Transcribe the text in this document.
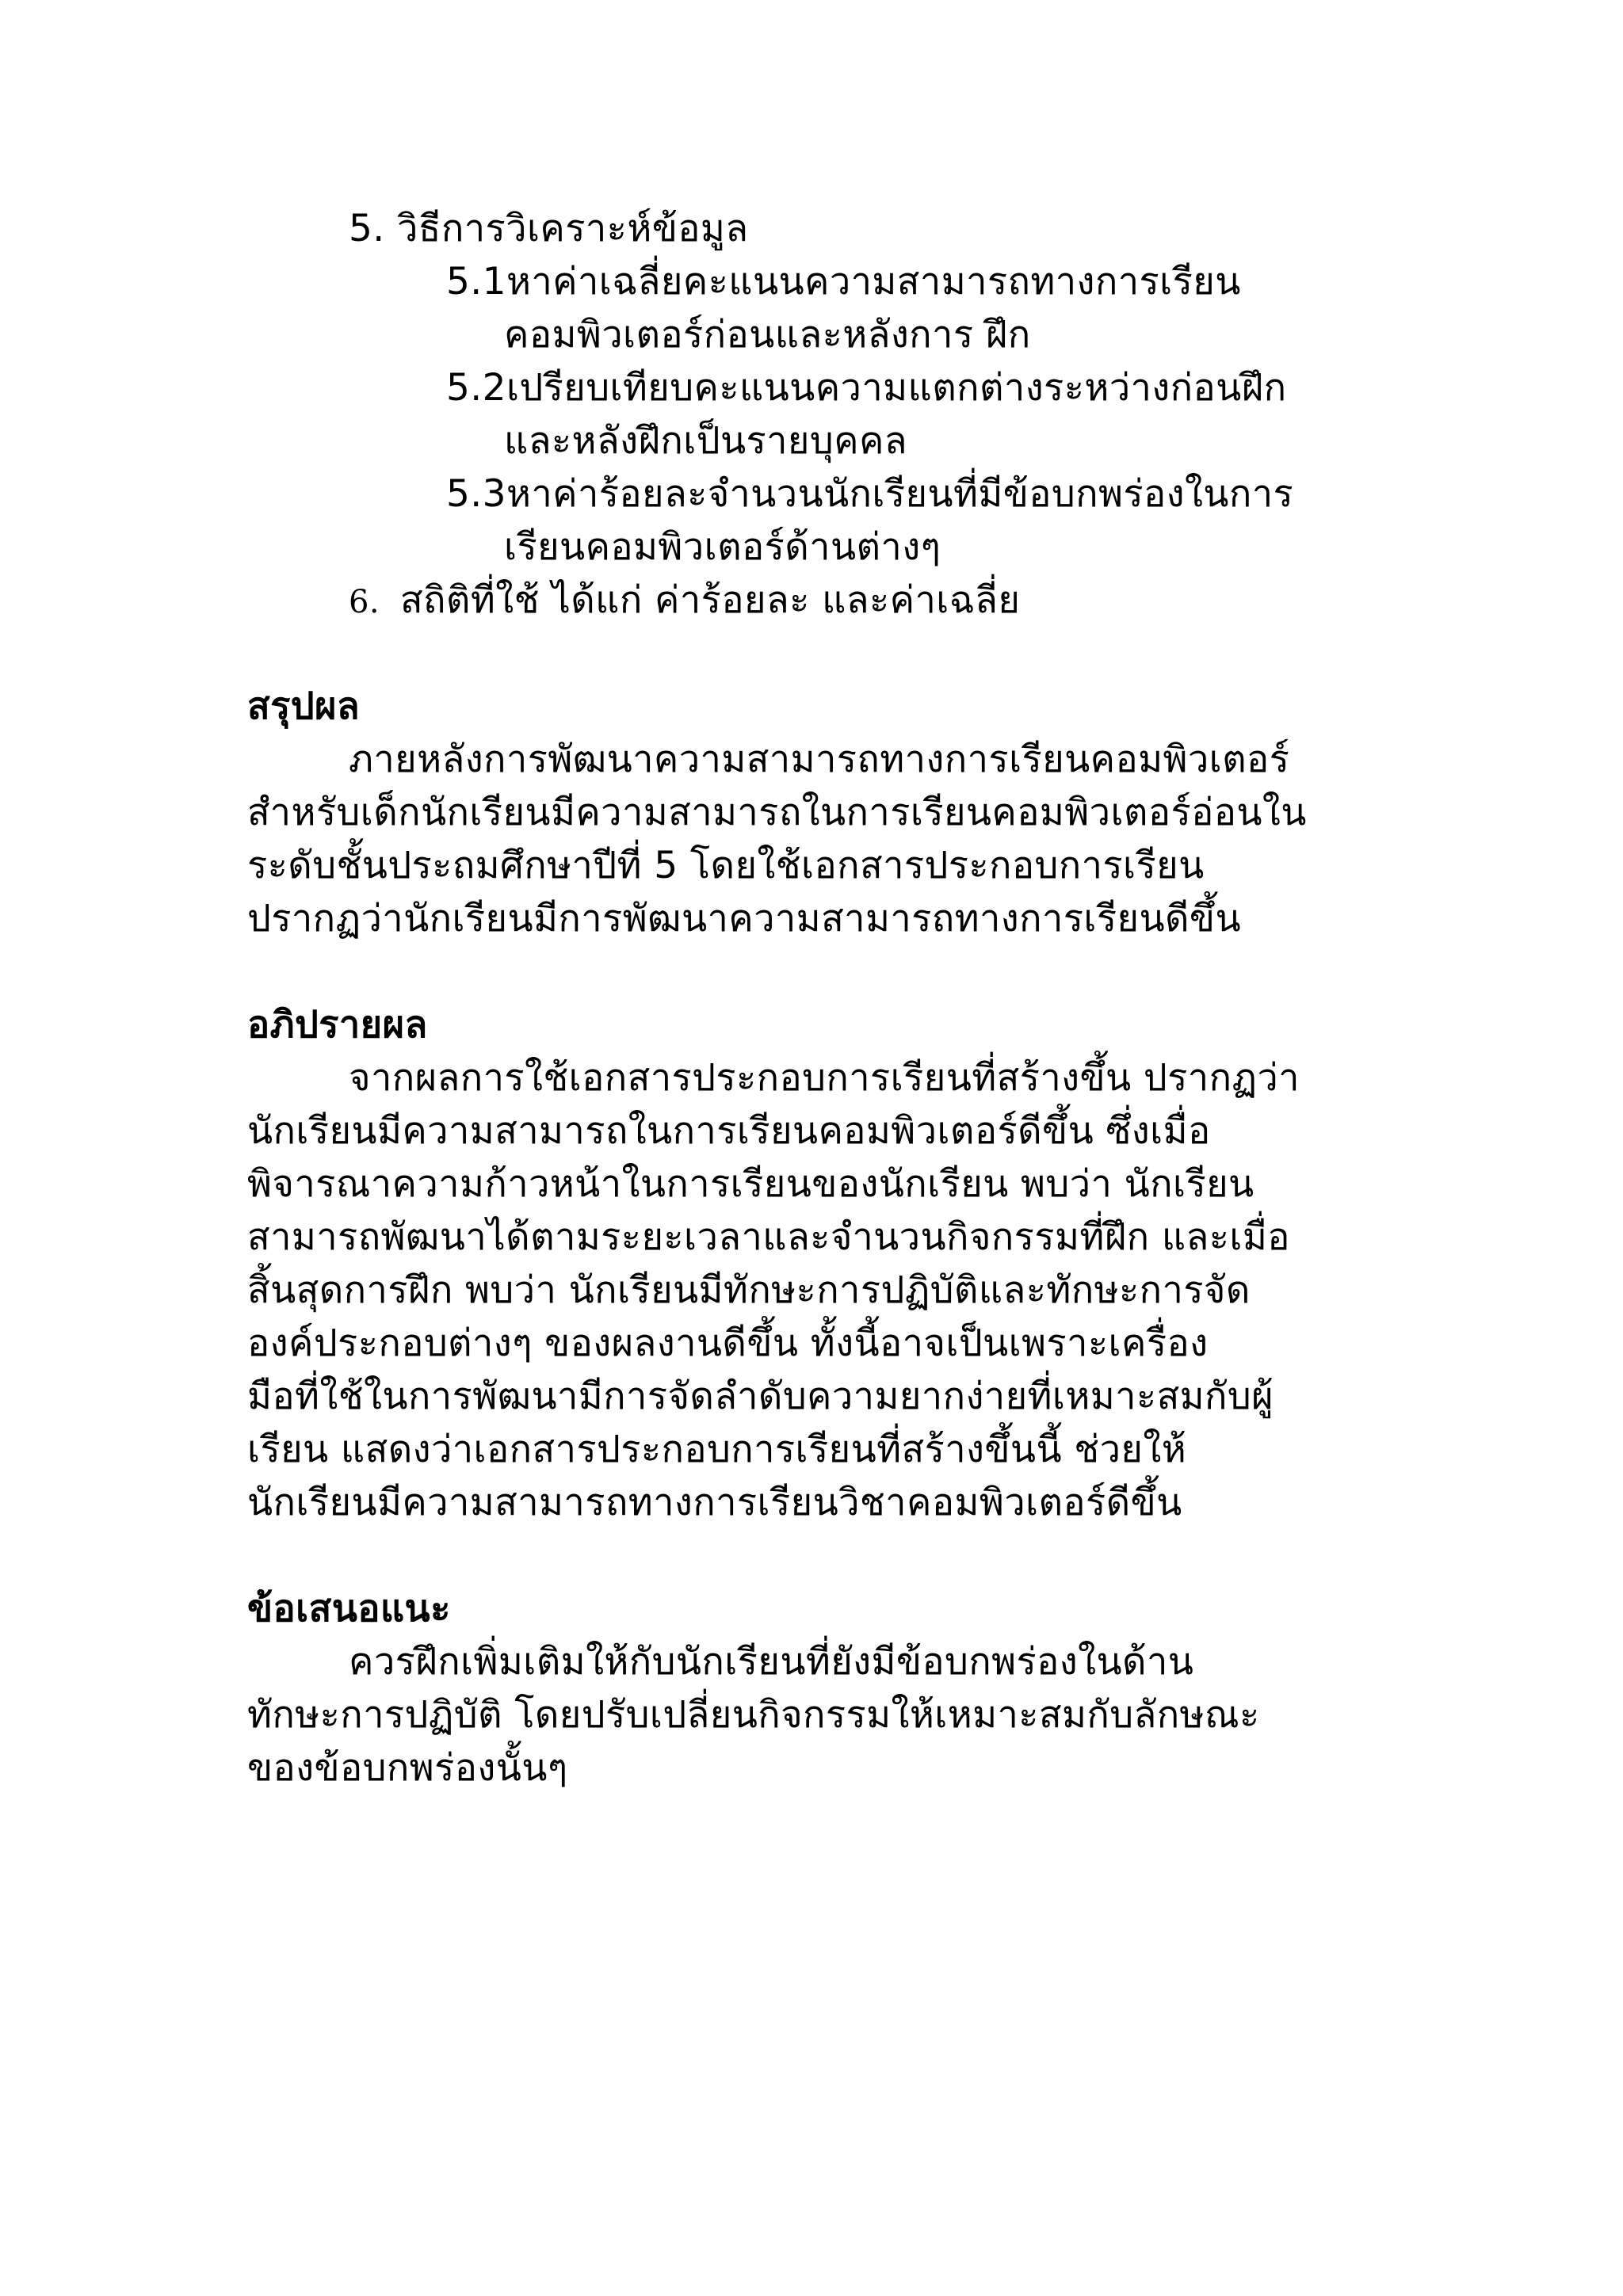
5. วิธีการวิเคราะห์ข้อมูล
5.1หาค่าเฉลี่ยคะแนนความสามารถทางการเรียน
คอมพิวเตอร์ก่อนและหลังการ ฝึก
5.2เปรียบเทียบคะแนนความแตกต่างระหว่างก่อนฝึก
และหลังฝึกเป็นรายบุคคล
5.3หาค่าร้อยละจำนวนนักเรียนที่มีข้อบกพร่องในการ
เรียนคอมพิวเตอร์ด้านต่างๆ
6. สถิติที่ใช้ ได้แก่ ค่าร้อยละ และค่าเฉลี่ย
สรุปผล
ภายหลังการพัฒนาความสามารถทางการเรียนคอมพิวเตอร์
สำหรับเด็กนักเรียนมีความสามารถในการเรียนคอมพิวเตอร์อ่อนใน
ระดับชั้นประถมศึกษาปีที่ 5 โดยใช้เอกสารประกอบการเรียน
ปรากฏว่านักเรียนมีการพัฒนาความสามารถทางการเรียนดีขึ้น
อภิปรายผล
จากผลการใช้เอกสารประกอบการเรียนที่สร้างขึ้น ปรากฏว่า
นักเรียนมีความสามารถในการเรียนคอมพิวเตอร์ดีขึ้น ซึ่งเมื่อ
พิจารณาความก้าวหน้าในการเรียนของนักเรียน พบว่า นักเรียน
สามารถพัฒนาได้ตามระยะเวลาและจำนวนกิจกรรมที่ฝึก และเมื่อ
สิ้นสุดการฝึก พบว่า นักเรียนมีทักษะการปฏิบัติและทักษะการจัด
องค์ประกอบต่างๆ ของผลงานดีขึ้น ทั้งนี้อาจเป็นเพราะเครื่อง
มือที่ใช้ในการพัฒนามีการจัดลำดับความยากง่ายที่เหมาะสมกับผู้
เรียน แสดงว่าเอกสารประกอบการเรียนที่สร้างขึ้นนี้ ช่วยให้
นักเรียนมีความสามารถทางการเรียนวิชาคอมพิวเตอร์ดีขึ้น
ข้อเสนอแนะ
ควรฝึกเพิ่มเติมให้กับนักเรียนที่ยังมีข้อบกพร่องในด้าน
ทักษะการปฏิบัติ โดยปรับเปลี่ยนกิจกรรมให้เหมาะสมกับลักษณะ
ของข้อบกพร่องนั้นๆ
